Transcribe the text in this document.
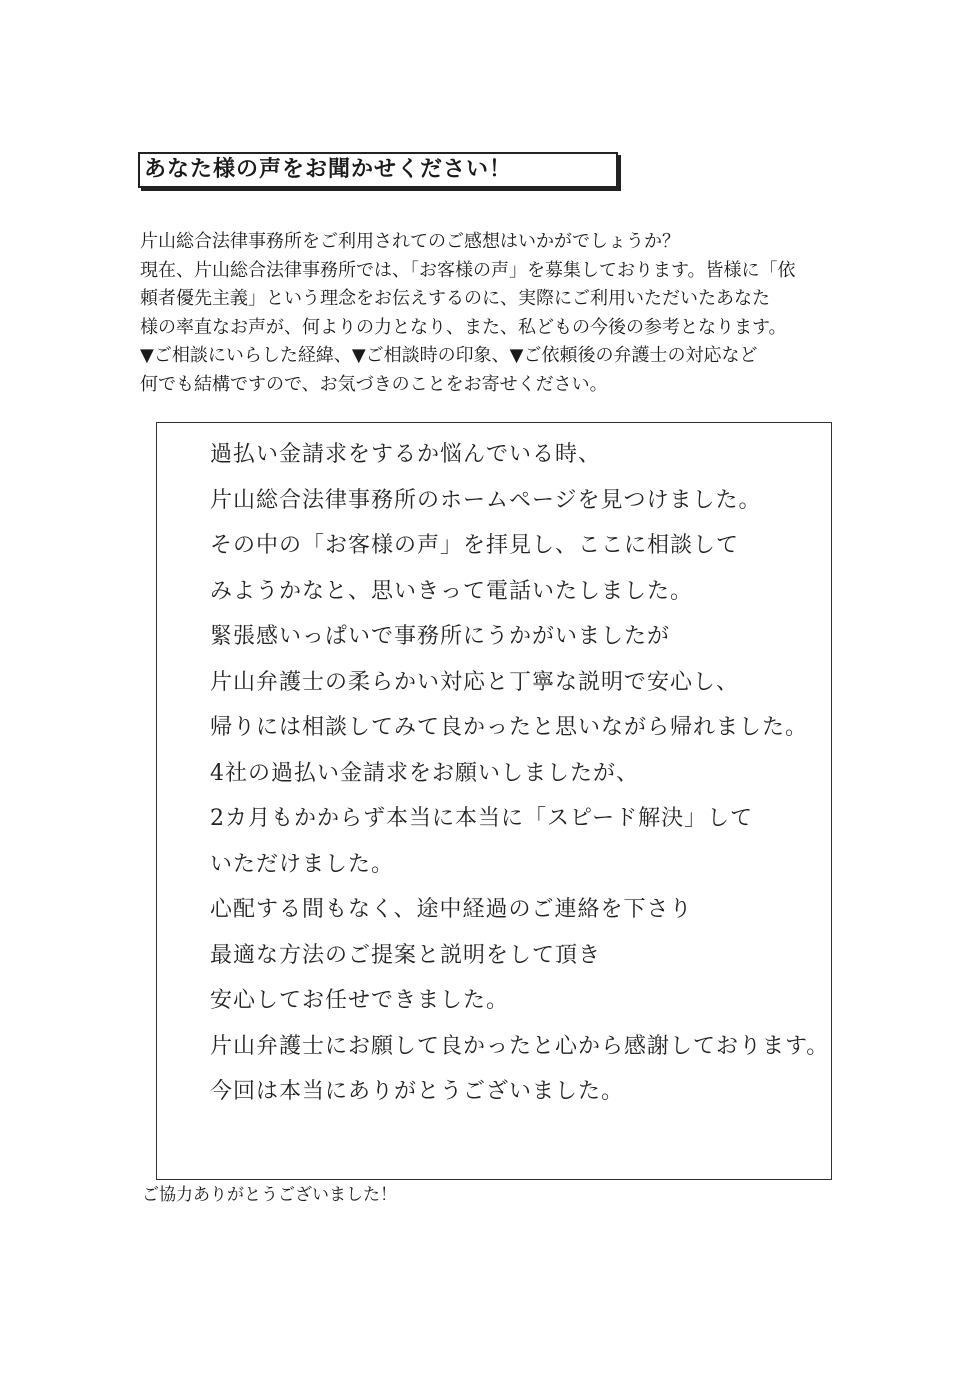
あなた様の声をお聞かせください！
片山総合法律事務所をご利用されてのご感想はいかがでしょうか？
現在、片山総合法律事務所では、「お客様の声」を募集しております。皆様に「依
頼者優先主義」という理念をお伝えするのに、実際にご利用いただいたあなた
様の率直なお声が、何よりの力となり、また、私どもの今後の参考となります。
▼ご相談にいらした経緯、▼ご相談時の印象、▼ご依頼後の弁護士の対応など
何でも結構ですので、お気づきのことをお寄せください。
過払い金請求をするか悩んでいる時、
片山総合法律事務所のホームページを見つけました。
その中の「お客様の声」を拝見し、ここに相談して
みようかなと、思いきって電話いたしました。
緊張感いっぱいで事務所にうかがいましたが
片山弁護士の柔らかい対応と丁寧な説明で安心し、
帰りには相談してみて良かったと思いながら帰れました。
4社の過払い金請求をお願いしましたが、
2カ月もかからず本当に本当に「スピード解決」して
いただけました。
心配する間もなく、途中経過のご連絡を下さり
最適な方法のご提案と説明をして頂き
安心してお任せできました。
片山弁護士にお願して良かったと心から感謝しております。
今回は本当にありがとうございました。
ご協力ありがとうございました！
